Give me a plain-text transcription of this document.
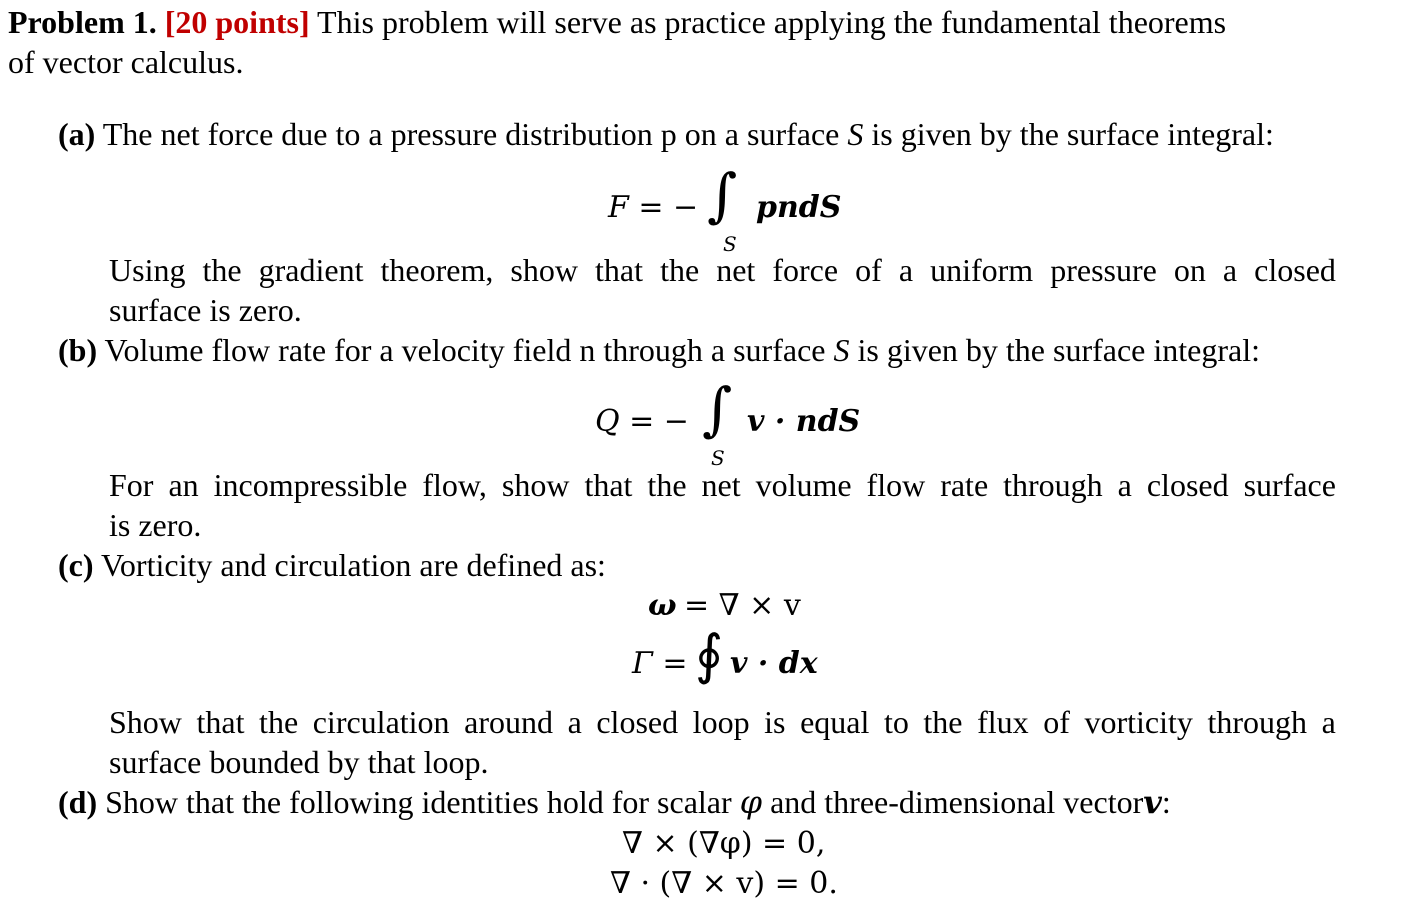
Problem 1. [20 points] This problem will serve as practice applying the fundamental theorems
of vector calculus.
(a) The net force due to a pressure distribution p on a surface S is given by the surface integral:
F = − ∫
S
pndS
Using the gradient theorem, show that the net force of a uniform pressure on a closed
surface is zero.
(b) Volume flow rate for a velocity field n through a surface S is given by the surface integral:
Q = − ∫
S
v · ndS
For an incompressible flow, show that the net volume flow rate through a closed surface
is zero.
(c) Vorticity and circulation are defined as:
ω = ∇ × v
Γ = ∮ v · dx
Show that the circulation around a closed loop is equal to the flux of vorticity through a
surface bounded by that loop.
(d) Show that the following identities hold for scalar φ and three-dimensional vectorv:
∇ × (∇φ) = 0,
∇ · (∇ × v) = 0.
